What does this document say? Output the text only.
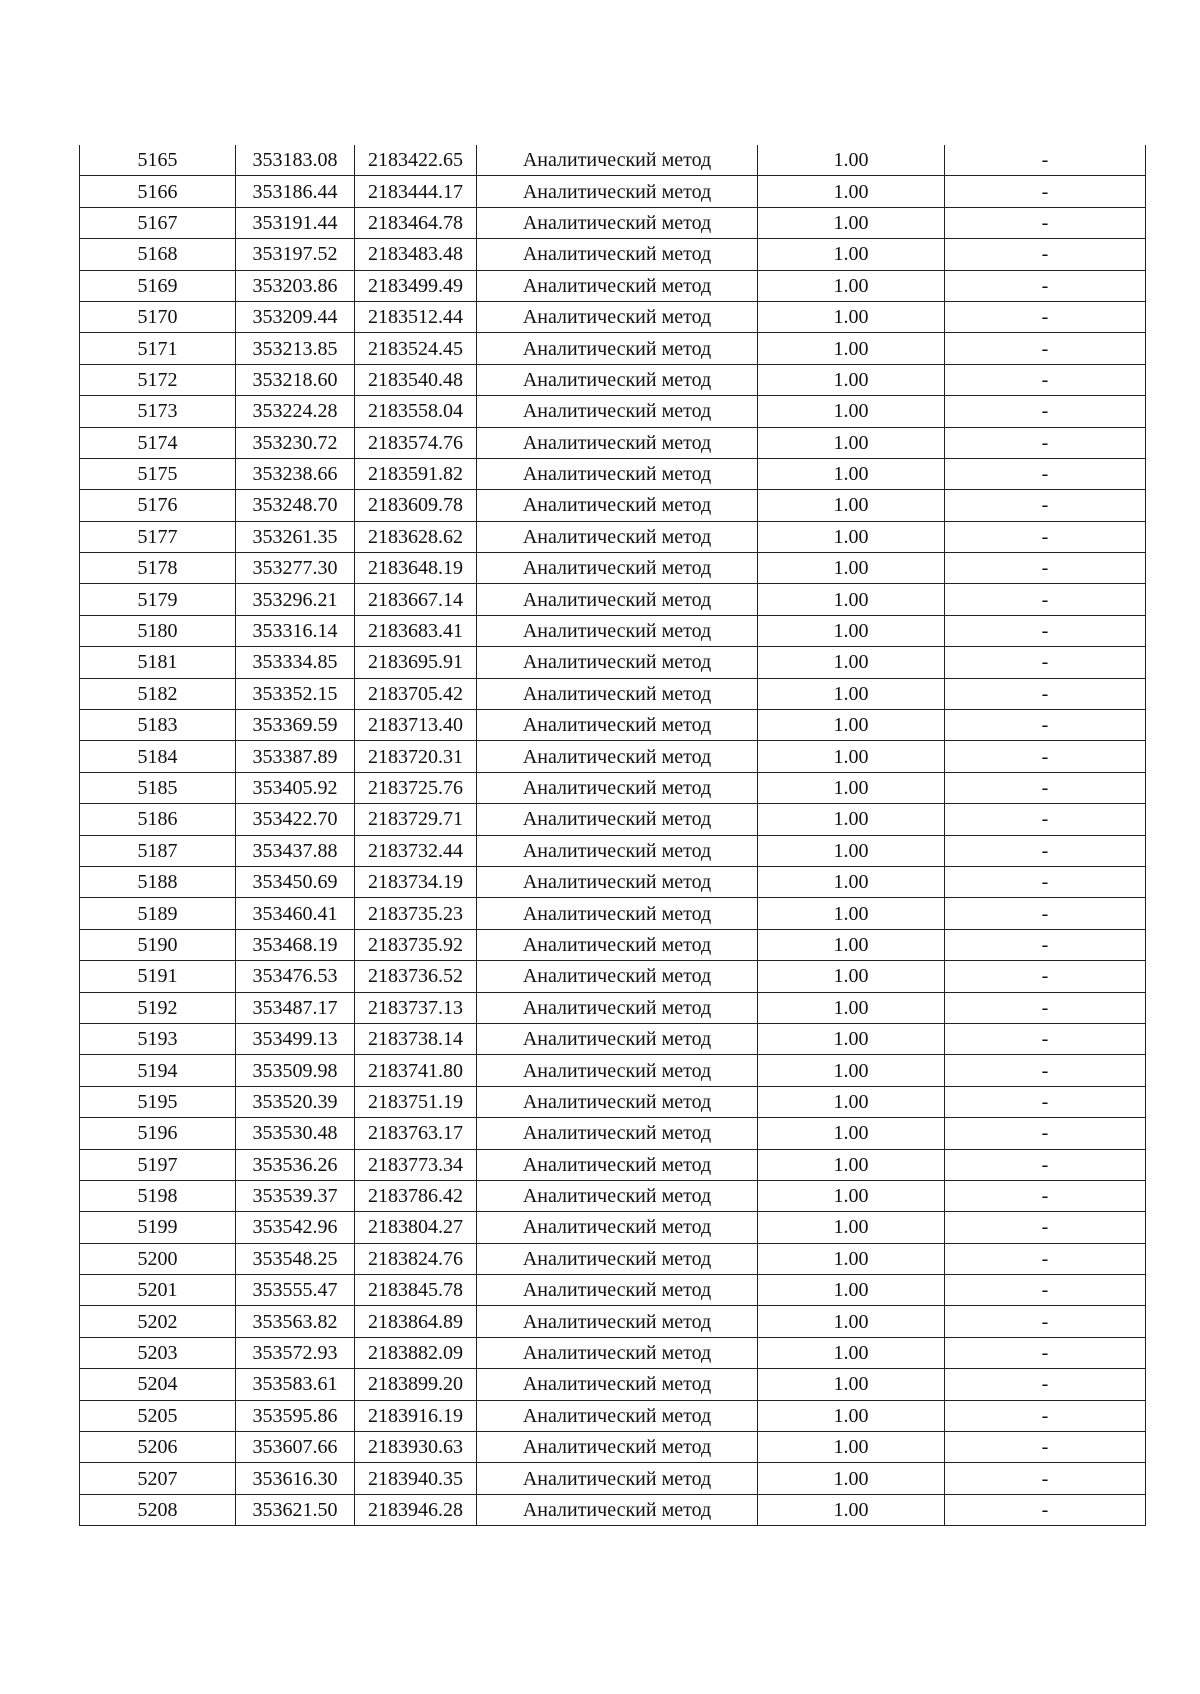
5165	353183.08	2183422.65	Аналитический метод	1.00	-
5166	353186.44	2183444.17	Аналитический метод	1.00	-
5167	353191.44	2183464.78	Аналитический метод	1.00	-
5168	353197.52	2183483.48	Аналитический метод	1.00	-
5169	353203.86	2183499.49	Аналитический метод	1.00	-
5170	353209.44	2183512.44	Аналитический метод	1.00	-
5171	353213.85	2183524.45	Аналитический метод	1.00	-
5172	353218.60	2183540.48	Аналитический метод	1.00	-
5173	353224.28	2183558.04	Аналитический метод	1.00	-
5174	353230.72	2183574.76	Аналитический метод	1.00	-
5175	353238.66	2183591.82	Аналитический метод	1.00	-
5176	353248.70	2183609.78	Аналитический метод	1.00	-
5177	353261.35	2183628.62	Аналитический метод	1.00	-
5178	353277.30	2183648.19	Аналитический метод	1.00	-
5179	353296.21	2183667.14	Аналитический метод	1.00	-
5180	353316.14	2183683.41	Аналитический метод	1.00	-
5181	353334.85	2183695.91	Аналитический метод	1.00	-
5182	353352.15	2183705.42	Аналитический метод	1.00	-
5183	353369.59	2183713.40	Аналитический метод	1.00	-
5184	353387.89	2183720.31	Аналитический метод	1.00	-
5185	353405.92	2183725.76	Аналитический метод	1.00	-
5186	353422.70	2183729.71	Аналитический метод	1.00	-
5187	353437.88	2183732.44	Аналитический метод	1.00	-
5188	353450.69	2183734.19	Аналитический метод	1.00	-
5189	353460.41	2183735.23	Аналитический метод	1.00	-
5190	353468.19	2183735.92	Аналитический метод	1.00	-
5191	353476.53	2183736.52	Аналитический метод	1.00	-
5192	353487.17	2183737.13	Аналитический метод	1.00	-
5193	353499.13	2183738.14	Аналитический метод	1.00	-
5194	353509.98	2183741.80	Аналитический метод	1.00	-
5195	353520.39	2183751.19	Аналитический метод	1.00	-
5196	353530.48	2183763.17	Аналитический метод	1.00	-
5197	353536.26	2183773.34	Аналитический метод	1.00	-
5198	353539.37	2183786.42	Аналитический метод	1.00	-
5199	353542.96	2183804.27	Аналитический метод	1.00	-
5200	353548.25	2183824.76	Аналитический метод	1.00	-
5201	353555.47	2183845.78	Аналитический метод	1.00	-
5202	353563.82	2183864.89	Аналитический метод	1.00	-
5203	353572.93	2183882.09	Аналитический метод	1.00	-
5204	353583.61	2183899.20	Аналитический метод	1.00	-
5205	353595.86	2183916.19	Аналитический метод	1.00	-
5206	353607.66	2183930.63	Аналитический метод	1.00	-
5207	353616.30	2183940.35	Аналитический метод	1.00	-
5208	353621.50	2183946.28	Аналитический метод	1.00	-
